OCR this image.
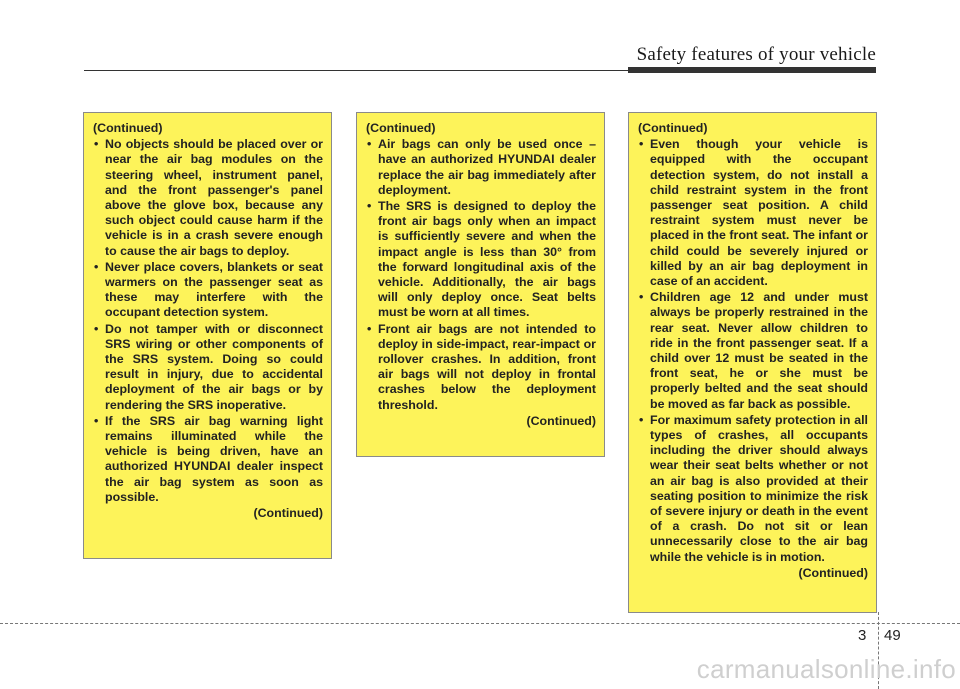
Safety features of your vehicle
(Continued)
• No objects should be placed over or near the air bag modules on the steering wheel, instrument panel, and the front passenger's panel above the glove box, because any such object could cause harm if the vehicle is in a crash severe enough to cause the air bags to deploy.
• Never place covers, blankets or seat warmers on the passenger seat as these may interfere with the occupant detection system.
• Do not tamper with or disconnect SRS wiring or other components of the SRS system. Doing so could result in injury, due to accidental deployment of the air bags or by rendering the SRS inoperative.
• If the SRS air bag warning light remains illuminated while the vehicle is being driven, have an authorized HYUNDAI dealer inspect the air bag system as soon as possible.
(Continued)
(Continued)
• Air bags can only be used once – have an authorized HYUNDAI dealer replace the air bag immediately after deployment.
• The SRS is designed to deploy the front air bags only when an impact is sufficiently severe and when the impact angle is less than 30° from the forward longitudinal axis of the vehicle. Additionally, the air bags will only deploy once. Seat belts must be worn at all times.
• Front air bags are not intended to deploy in side-impact, rear-impact or rollover crashes. In addition, front air bags will not deploy in frontal crashes below the deployment threshold.
(Continued)
(Continued)
• Even though your vehicle is equipped with the occupant detection system, do not install a child restraint system in the front passenger seat position. A child restraint system must never be placed in the front seat. The infant or child could be severely injured or killed by an air bag deployment in case of an accident.
• Children age 12 and under must always be properly restrained in the rear seat. Never allow children to ride in the front passenger seat. If a child over 12 must be seated in the front seat, he or she must be properly belted and the seat should be moved as far back as possible.
• For maximum safety protection in all types of crashes, all occupants including the driver should always wear their seat belts whether or not an air bag is also provided at their seating position to minimize the risk of severe injury or death in the event of a crash. Do not sit or lean unnecessarily close to the air bag while the vehicle is in motion.
(Continued)
3 49
carmanualsonline.info
